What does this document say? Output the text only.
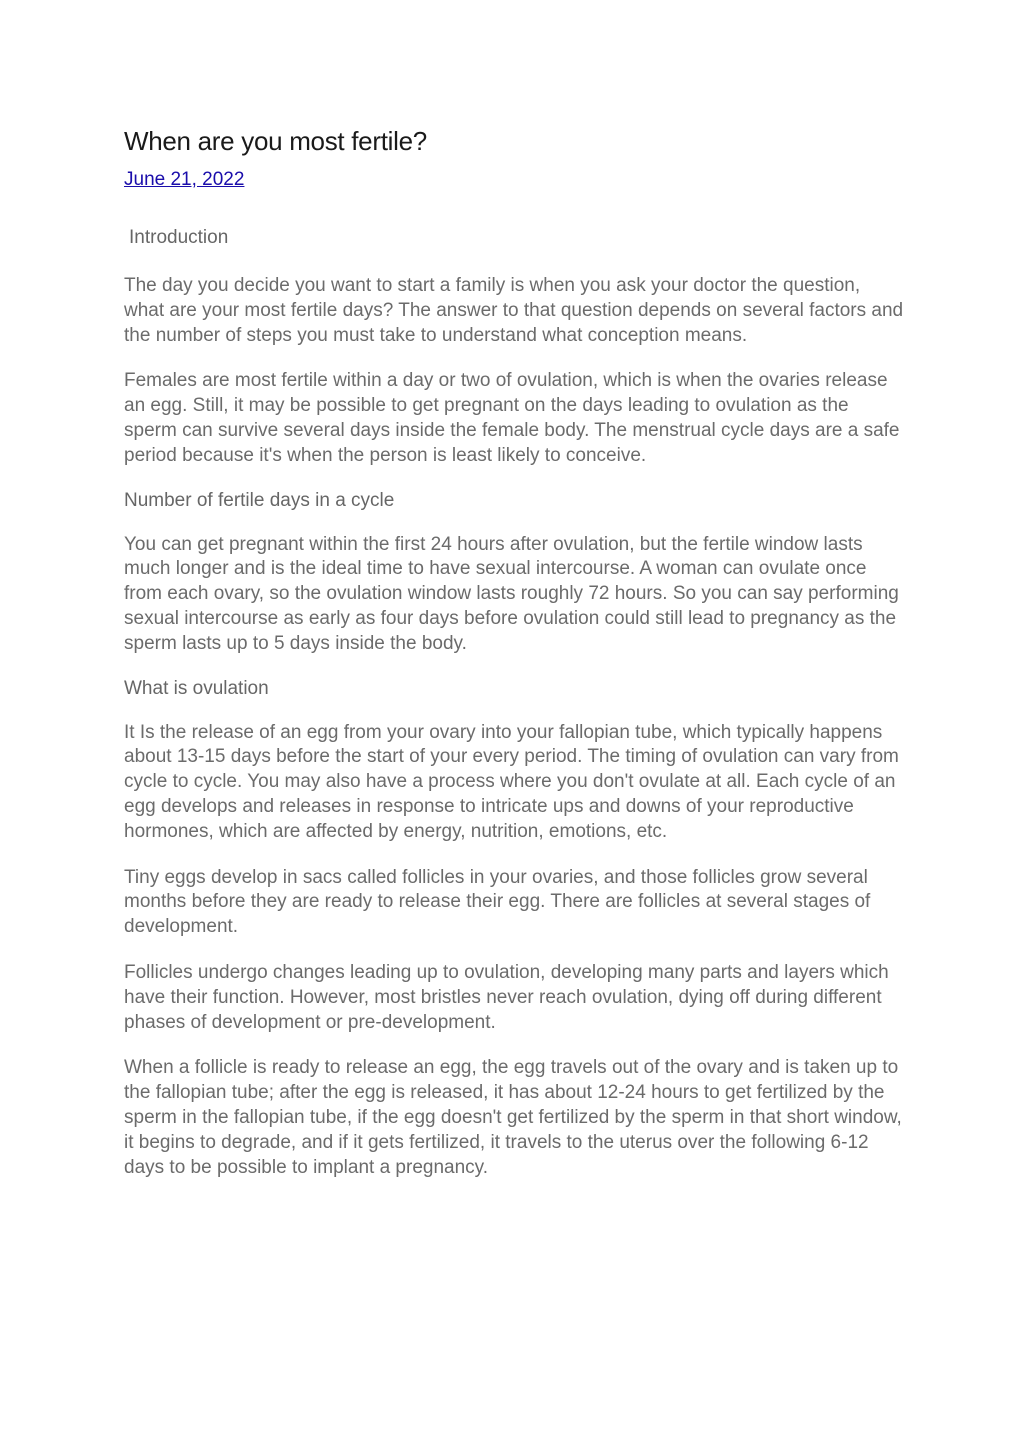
When are you most fertile?
June 21, 2022
Introduction

The day you decide you want to start a family is when you ask your doctor the question, what are your most fertile days? The answer to that question depends on several factors and the number of steps you must take to understand what conception means.

Females are most fertile within a day or two of ovulation, which is when the ovaries release an egg. Still, it may be possible to get pregnant on the days leading to ovulation as the sperm can survive several days inside the female body. The menstrual cycle days are a safe period because it's when the person is least likely to conceive.

Number of fertile days in a cycle

You can get pregnant within the first 24 hours after ovulation, but the fertile window lasts much longer and is the ideal time to have sexual intercourse. A woman can ovulate once from each ovary, so the ovulation window lasts roughly 72 hours. So you can say performing sexual intercourse as early as four days before ovulation could still lead to pregnancy as the sperm lasts up to 5 days inside the body.

What is ovulation

It Is the release of an egg from your ovary into your fallopian tube, which typically happens about 13-15 days before the start of your every period. The timing of ovulation can vary from cycle to cycle. You may also have a process where you don't ovulate at all. Each cycle of an egg develops and releases in response to intricate ups and downs of your reproductive hormones, which are affected by energy, nutrition, emotions, etc.

Tiny eggs develop in sacs called follicles in your ovaries, and those follicles grow several months before they are ready to release their egg. There are follicles at several stages of development.

Follicles undergo changes leading up to ovulation, developing many parts and layers which have their function. However, most bristles never reach ovulation, dying off during different phases of development or pre-development.

When a follicle is ready to release an egg, the egg travels out of the ovary and is taken up to the fallopian tube; after the egg is released, it has about 12-24 hours to get fertilized by the sperm in the fallopian tube, if the egg doesn't get fertilized by the sperm in that short window, it begins to degrade, and if it gets fertilized, it travels to the uterus over the following 6-12 days to be possible to implant a pregnancy.
